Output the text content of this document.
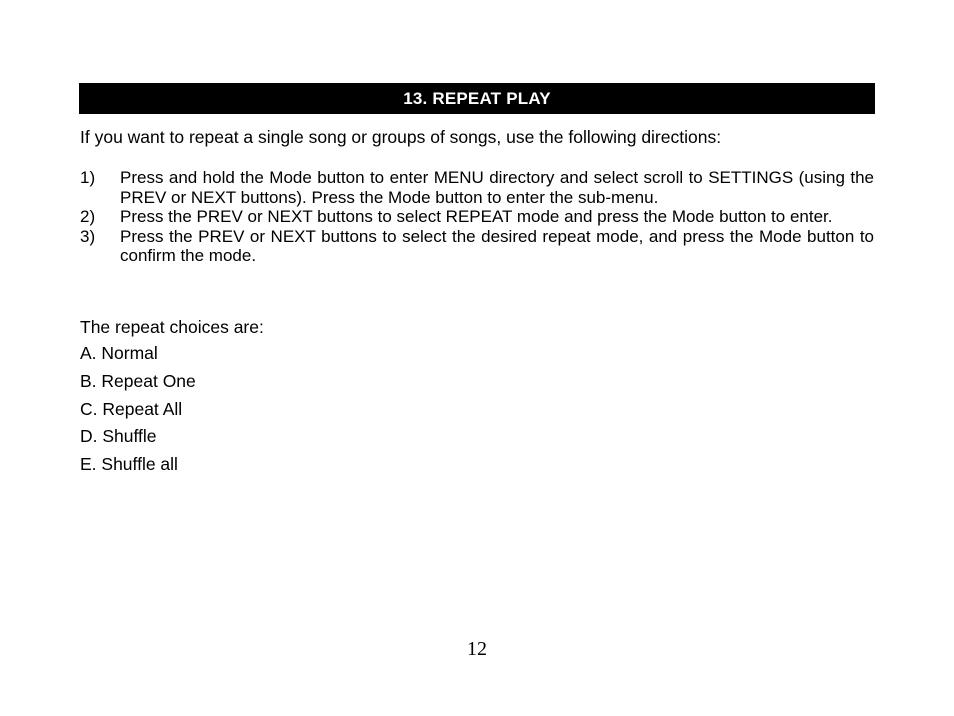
13. REPEAT PLAY
If you want to repeat a single song or groups of songs, use the following directions:
1) Press and hold the Mode button to enter MENU directory and select scroll to SETTINGS (using the PREV or NEXT buttons). Press the Mode button to enter the sub-menu.
2) Press the PREV or NEXT buttons to select REPEAT mode and press the Mode button to enter.
3) Press the PREV or NEXT buttons to select the desired repeat mode, and press the Mode button to confirm the mode.
The repeat choices are:
A. Normal
B. Repeat One
C. Repeat All
D. Shuffle
E. Shuffle all
12
